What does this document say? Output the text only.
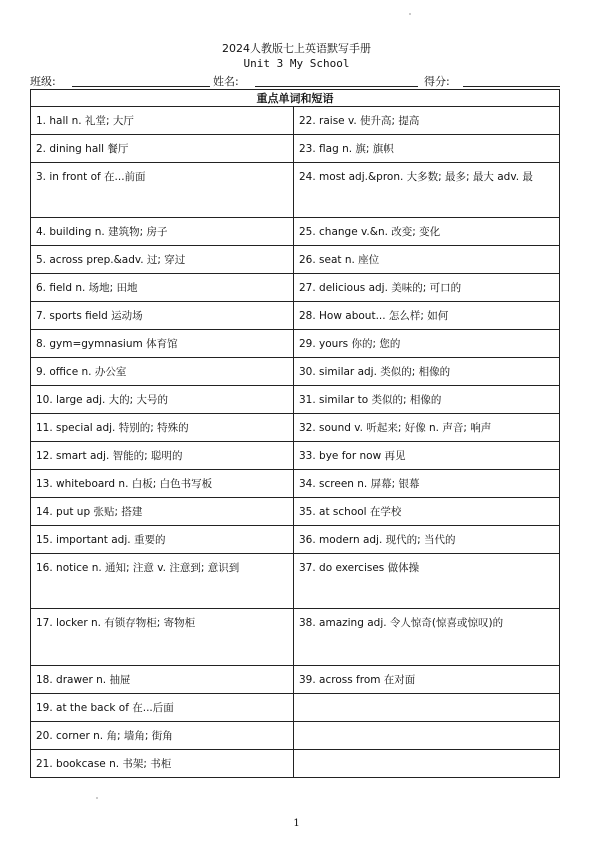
2024人教版七上英语默写手册
Unit 3 My School
班级:	姓名:	得分:
重点单词和短语	
1. hall n. 礼堂; 大厅	22. raise v. 使升高; 提高
2. dining hall 餐厅	23. flag n. 旗; 旗帜
3. in front of 在...前面	24. most adj.&pron. 大多数; 最多; 最大 adv. 最
4. building n. 建筑物; 房子	25. change v.&n. 改变; 变化
5. across prep.&adv. 过; 穿过	26. seat n. 座位
6. field n. 场地; 田地	27. delicious adj. 美味的; 可口的
7. sports field 运动场	28. How about... 怎么样; 如何
8. gym=gymnasium 体育馆	29. yours 你的; 您的
9. office n. 办公室	30. similar adj. 类似的; 相像的
10. large adj. 大的; 大号的	31. similar to 类似的; 相像的
11. special adj. 特别的; 特殊的	32. sound v. 听起来; 好像 n. 声音; 响声
12. smart adj. 智能的; 聪明的	33. bye for now 再见
13. whiteboard n. 白板; 白色书写板	34. screen n. 屏幕; 银幕
14. put up 张贴; 搭建	35. at school 在学校
15. important adj. 重要的	36. modern adj. 现代的; 当代的
16. notice n. 通知; 注意 v. 注意到; 意识到	37. do exercises 做体操
17. locker n. 有锁存物柜; 寄物柜	38. amazing adj. 令人惊奇(惊喜或惊叹)的
18. drawer n. 抽屉	39. across from 在对面
19. at the back of 在...后面	
20. corner n. 角; 墙角; 街角	
21. bookcase n. 书架; 书柜	
1
